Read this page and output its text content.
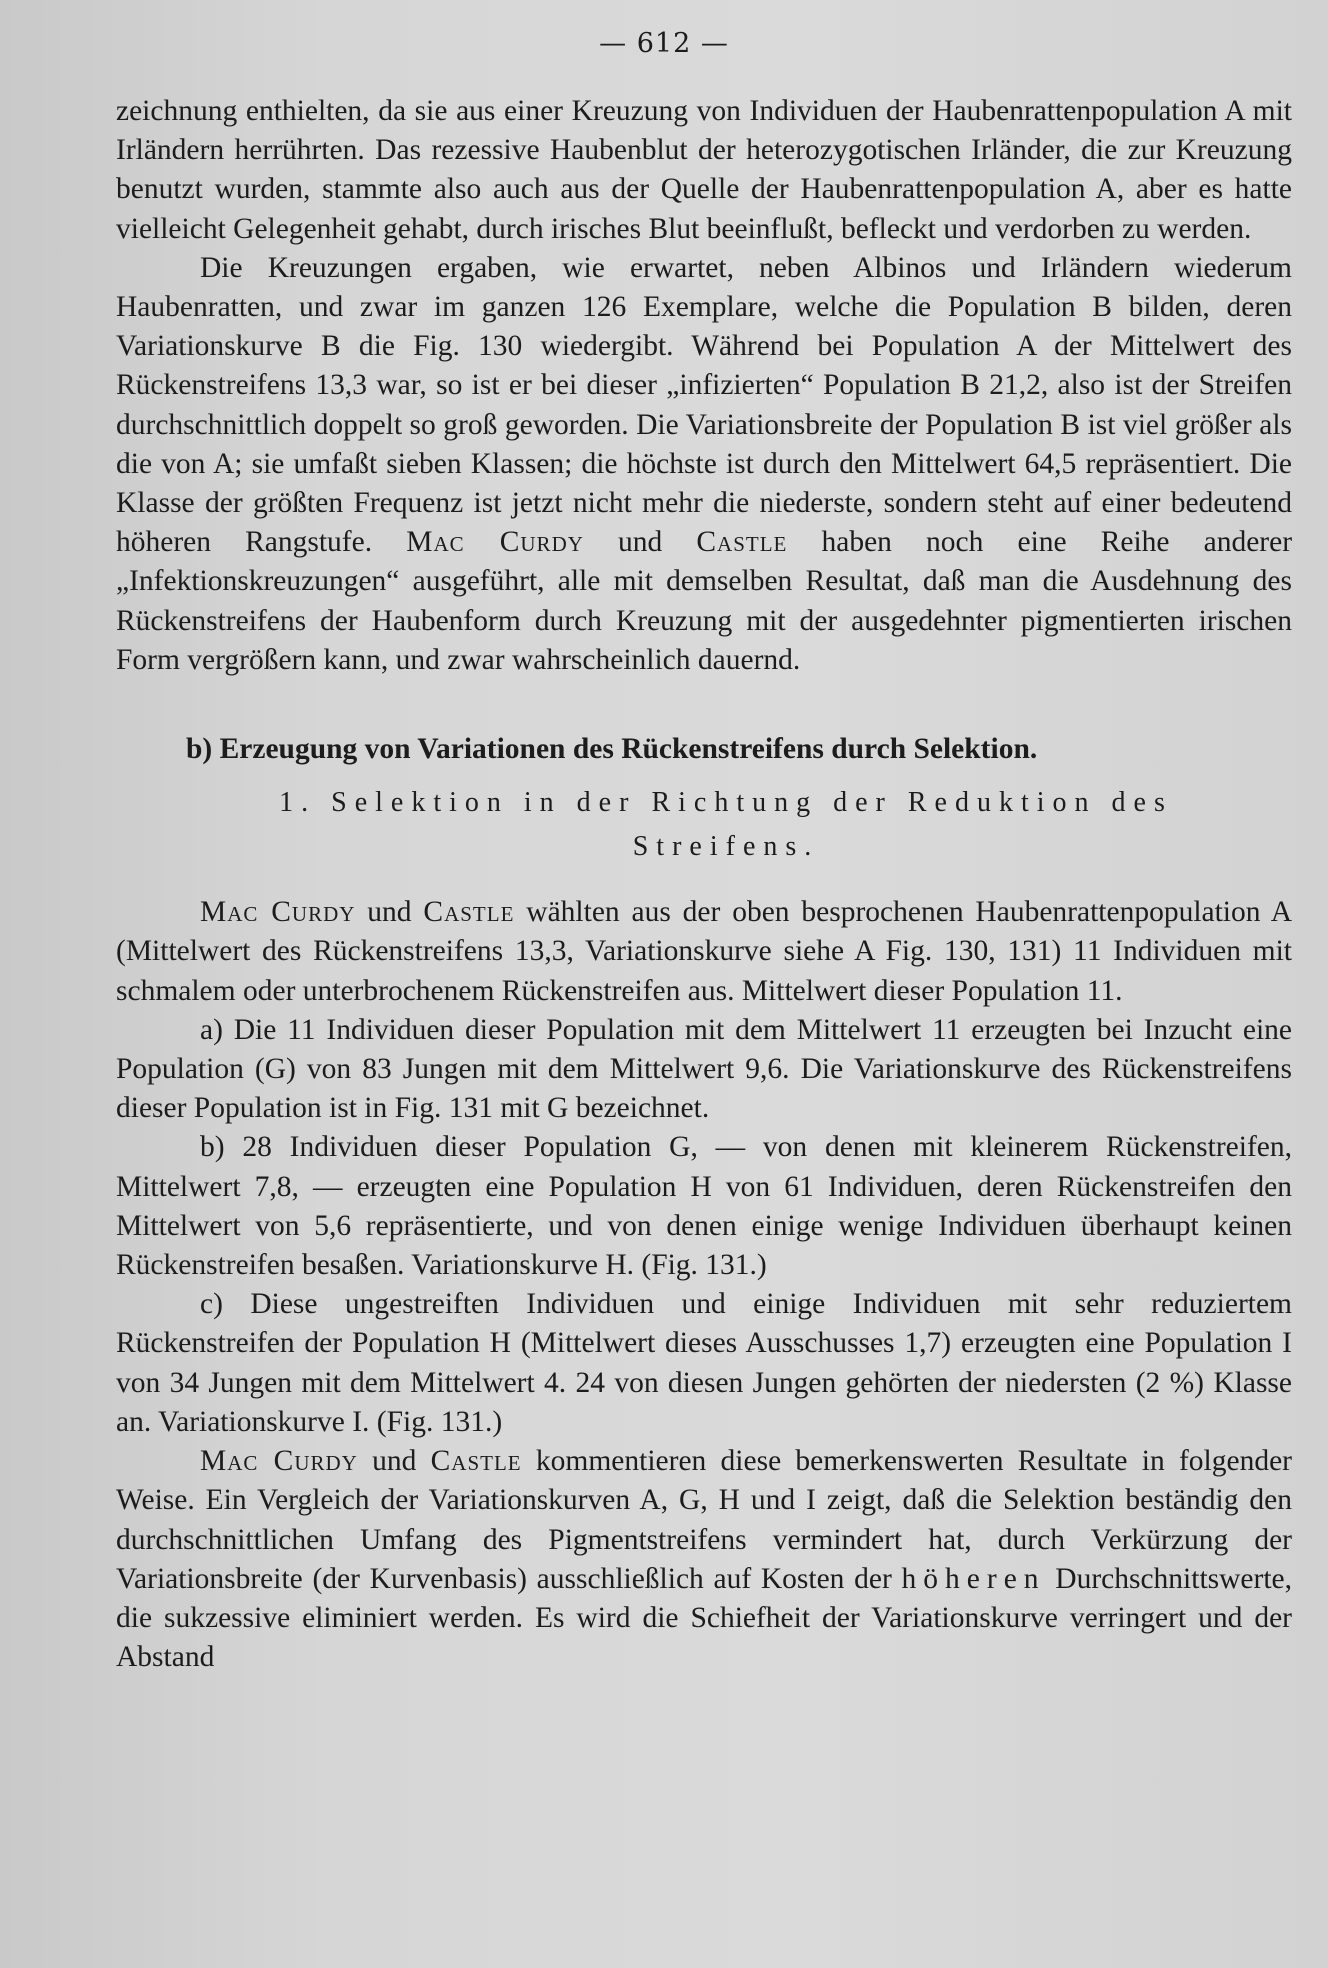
— 612 —

zeichnung enthielten, da sie aus einer Kreuzung von Individuen der Haubenrattenpopulation A mit Irländern herrührten. Das rezessive Haubenblut der heterozygotischen Irländer, die zur Kreuzung benutzt wurden, stammte also auch aus der Quelle der Haubenrattenpopulation A, aber es hatte vielleicht Gelegenheit gehabt, durch irisches Blut beeinflußt, befleckt und verdorben zu werden.

Die Kreuzungen ergaben, wie erwartet, neben Albinos und Irländern wiederum Haubenratten, und zwar im ganzen 126 Exemplare, welche die Population B bilden, deren Variationskurve B die Fig. 130 wiedergibt. Während bei Population A der Mittelwert des Rückenstreifens 13,3 war, so ist er bei dieser „infizierten“ Population B 21,2, also ist der Streifen durchschnittlich doppelt so groß geworden. Die Variationsbreite der Population B ist viel größer als die von A; sie umfaßt sieben Klassen; die höchste ist durch den Mittelwert 64,5 repräsentiert. Die Klasse der größten Frequenz ist jetzt nicht mehr die niederste, sondern steht auf einer bedeutend höheren Rangstufe. Mac Curdy und Castle haben noch eine Reihe anderer „Infektionskreuzungen“ ausgeführt, alle mit demselben Resultat, daß man die Ausdehnung des Rückenstreifens der Haubenform durch Kreuzung mit der ausgedehnter pigmentierten irischen Form vergrößern kann, und zwar wahrscheinlich dauernd.

b) Erzeugung von Variationen des Rückenstreifens durch Selektion.

1. Selektion in der Richtung der Reduktion des Streifens.

Mac Curdy und Castle wählten aus der oben besprochenen Haubenrattenpopulation A (Mittelwert des Rückenstreifens 13,3, Variationskurve siehe A Fig. 130, 131) 11 Individuen mit schmalem oder unterbrochenem Rückenstreifen aus. Mittelwert dieser Population 11.

a) Die 11 Individuen dieser Population mit dem Mittelwert 11 erzeugten bei Inzucht eine Population (G) von 83 Jungen mit dem Mittelwert 9,6. Die Variationskurve des Rückenstreifens dieser Population ist in Fig. 131 mit G bezeichnet.

b) 28 Individuen dieser Population G, — von denen mit kleinerem Rückenstreifen, Mittelwert 7,8, — erzeugten eine Population H von 61 Individuen, deren Rückenstreifen den Mittelwert von 5,6 repräsentierte, und von denen einige wenige Individuen überhaupt keinen Rückenstreifen besaßen. Variationskurve H. (Fig. 131.)

c) Diese ungestreiften Individuen und einige Individuen mit sehr reduziertem Rückenstreifen der Population H (Mittelwert dieses Ausschusses 1,7) erzeugten eine Population I von 34 Jungen mit dem Mittelwert 4. 24 von diesen Jungen gehörten der niedersten (2 %) Klasse an. Variationskurve I. (Fig. 131.)

Mac Curdy und Castle kommentieren diese bemerkenswerten Resultate in folgender Weise. Ein Vergleich der Variationskurven A, G, H und I zeigt, daß die Selektion beständig den durchschnittlichen Umfang des Pigmentstreifens vermindert hat, durch Verkürzung der Variationsbreite (der Kurvenbasis) ausschließlich auf Kosten der höheren Durchschnittswerte, die sukzessive eliminiert werden. Es wird die Schiefheit der Variationskurve verringert und der Abstand
